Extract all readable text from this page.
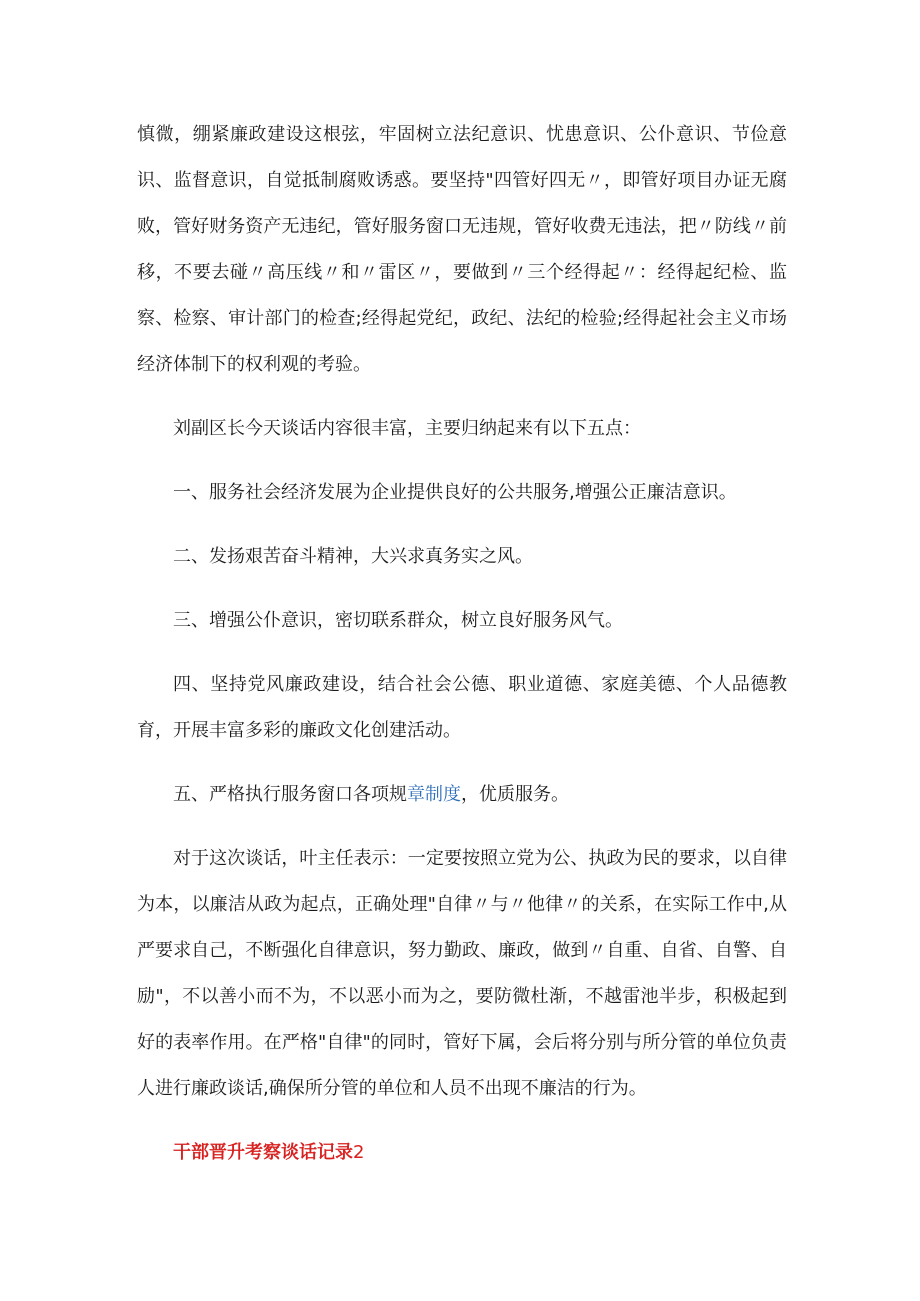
慎微，绷紧廉政建设这根弦，牢固树立法纪意识、忧患意识、公仆意识、节俭意识、监督意识，自觉抵制腐败诱惑。要坚持"四管好四无〃，即管好项目办证无腐败，管好财务资产无违纪，管好服务窗口无违规，管好收费无违法，把〃防线〃前移，不要去碰〃高压线〃和〃雷区〃，要做到〃三个经得起〃：经得起纪检、监察、检察、审计部门的检查;经得起党纪，政纪、法纪的检验;经得起社会主义市场经济体制下的权利观的考验。

刘副区长今天谈话内容很丰富，主要归纳起来有以下五点：

一、服务社会经济发展为企业提供良好的公共服务,增强公正廉洁意识。

二、发扬艰苦奋斗精神，大兴求真务实之风。

三、增强公仆意识，密切联系群众，树立良好服务风气。

四、坚持党风廉政建设，结合社会公德、职业道德、家庭美德、个人品德教育，开展丰富多彩的廉政文化创建活动。

五、严格执行服务窗口各项规章制度，优质服务。

对于这次谈话，叶主任表示：一定要按照立党为公、执政为民的要求，以自律为本，以廉洁从政为起点，正确处理"自律〃与〃他律〃的关系，在实际工作中,从严要求自己，不断强化自律意识，努力勤政、廉政，做到〃自重、自省、自警、自励"，不以善小而不为，不以恶小而为之，要防微杜渐，不越雷池半步，积极起到好的表率作用。在严格"自律"的同时，管好下属，会后将分别与所分管的单位负责人进行廉政谈话,确保所分管的单位和人员不出现不廉洁的行为。

干部晋升考察谈话记录2
